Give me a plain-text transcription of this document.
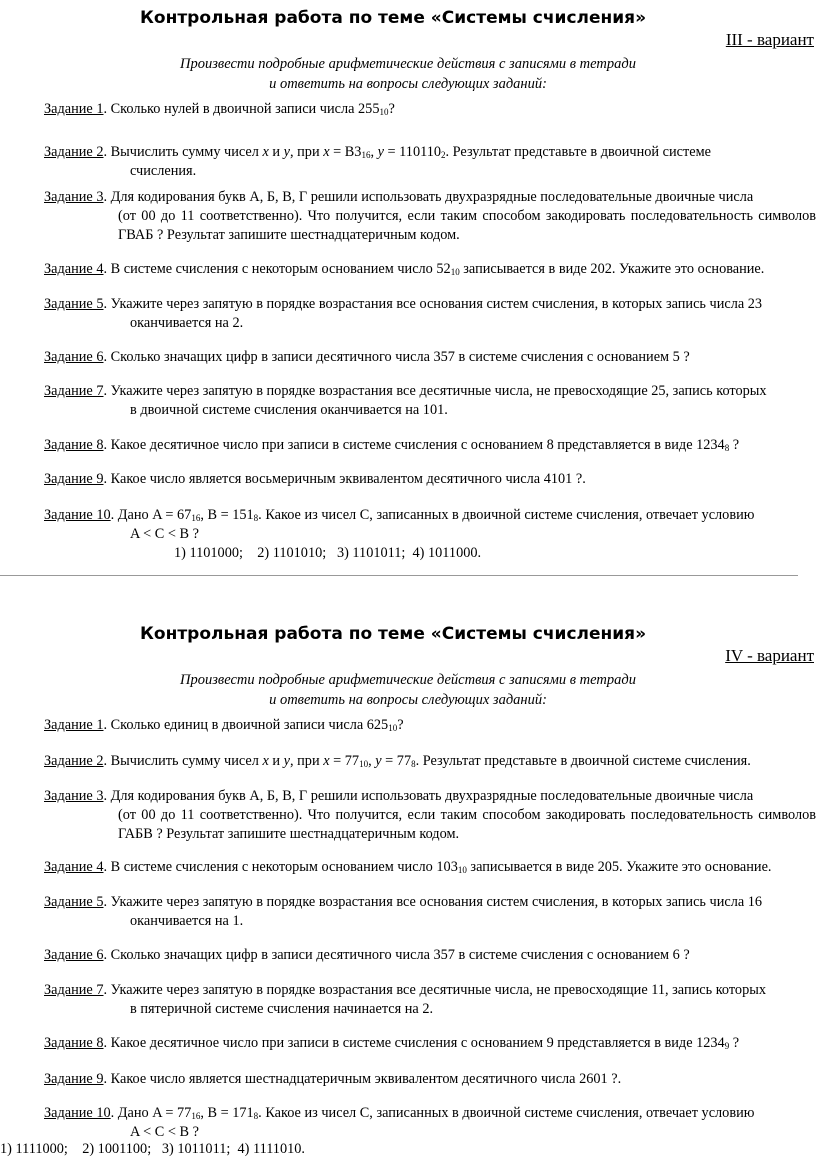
Контрольная работа по теме «Системы счисления»
III - вариант
Произвести подробные арифметические действия с записями в тетради
и ответить на вопросы следующих заданий:
Задание 1. Сколько нулей в двоичной записи числа $255_{10}$?
Задание 2. Вычислить сумму чисел x и y, при $x = B3_{16}$, $y = 110110_2$. Результат представьте в двоичной системе
счисления.
Задание 3. Для кодирования букв А, Б, В, Г решили использовать двухразрядные последовательные двоичные числа
(от 00 до 11 соответственно). Что получится, если таким способом закодировать последовательность символов ГВАБ ? Результат запишите шестнадцатеричным кодом.
Задание 4. В системе счисления с некоторым основанием число $52_{10}$ записывается в виде 202. Укажите это основание.
Задание 5. Укажите через запятую в порядке возрастания все основания систем счисления, в которых запись числа 23
оканчивается на 2.
Задание 6. Сколько значащих цифр в записи десятичного числа 357 в системе счисления с основанием 5 ?
Задание 7. Укажите через запятую в порядке возрастания все десятичные числа, не превосходящие 25, запись которых
в двоичной системе счисления оканчивается на 101.
Задание 8. Какое десятичное число при записи в системе счисления с основанием 8 представляется в виде $1234_8$ ?
Задание 9. Какое число является восьмеричным эквивалентом десятичного числа 4101 ?.
Задание 10. Дано $A = 67_{16}$, $B = 151_8$. Какое из чисел C, записанных в двоичной системе счисления, отвечает условию
A < C < B ?
1) 1101000;    2) 1101010;   3) 1101011;  4) 1011000.
Контрольная работа по теме «Системы счисления»
IV - вариант
Произвести подробные арифметические действия с записями в тетради
и ответить на вопросы следующих заданий:
Задание 1. Сколько единиц в двоичной записи числа $625_{10}$?
Задание 2. Вычислить сумму чисел x и y, при $x = 77_{10}$, $y = 77_8$. Результат представьте в двоичной системе счисления.
Задание 3. Для кодирования букв А, Б, В, Г решили использовать двухразрядные последовательные двоичные числа
(от 00 до 11 соответственно). Что получится, если таким способом закодировать последовательность символов ГАБВ ? Результат запишите шестнадцатеричным кодом.
Задание 4. В системе счисления с некоторым основанием число $103_{10}$ записывается в виде 205. Укажите это основание.
Задание 5. Укажите через запятую в порядке возрастания все основания систем счисления, в которых запись числа 16
оканчивается на 1.
Задание 6. Сколько значащих цифр в записи десятичного числа 357 в системе счисления с основанием 6 ?
Задание 7. Укажите через запятую в порядке возрастания все десятичные числа, не превосходящие 11, запись которых
в пятеричной системе счисления начинается на 2.
Задание 8. Какое десятичное число при записи в системе счисления с основанием 9 представляется в виде $1234_9$ ?
Задание 9. Какое число является шестнадцатеричным эквивалентом десятичного числа 2601 ?.
Задание 10. Дано $A = 77_{16}$, $B = 171_8$. Какое из чисел C, записанных в двоичной системе счисления, отвечает условию
A < C < B ?
1) 1111000;    2) 1001100;   3) 1011011;  4) 1111010.
